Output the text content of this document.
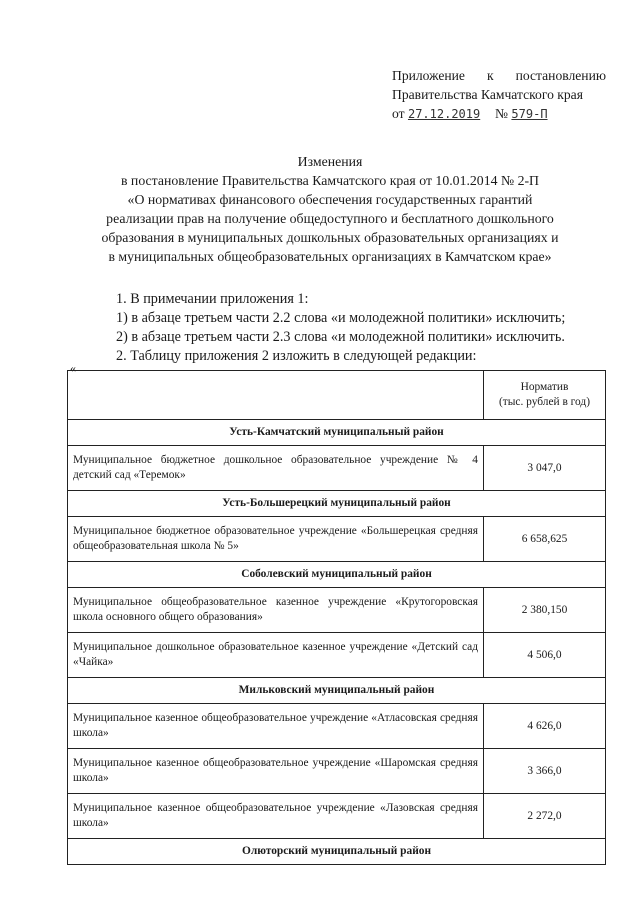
Приложение к постановлению
Правительства Камчатского края
от 27.12.2019 № 579-П
Изменения
в постановление Правительства Камчатского края от 10.01.2014 № 2-П
«О нормативах финансового обеспечения государственных гарантий
реализации прав на получение общедоступного и бесплатного дошкольного
образования в муниципальных дошкольных образовательных организациях и
в муниципальных общеобразовательных организациях в Камчатском крае»
1. В примечании приложения 1:
1) в абзаце третьем части 2.2 слова «и молодежной политики» исключить;
2) в абзаце третьем части 2.3 слова «и молодежной политики» исключить.
2. Таблицу приложения 2 изложить в следующей редакции:
«

	Норматив
(тыс. рублей в год)

Усть-Камчатский муниципальный район	
Муниципальное бюджетное дошкольное образовательное учреждение № 4 детский сад «Теремок»	3 047,0
Усть-Большерецкий муниципальный район	
Муниципальное бюджетное образовательное учреждение «Большерецкая средняя общеобразовательная школа № 5»	6 658,625
Соболевский муниципальный район	
Муниципальное общеобразовательное казенное учреждение «Крутогоровская школа основного общего образования»	2 380,150
Муниципальное дошкольное образовательное казенное учреждение «Детский сад «Чайка»	4 506,0
Мильковский муниципальный район	
Муниципальное казенное общеобразовательное учреждение «Атласовская средняя школа»	4 626,0
Муниципальное казенное общеобразовательное учреждение «Шаромская средняя школа»	3 366,0
Муниципальное казенное общеобразовательное учреждение «Лазовская средняя школа»	2 272,0
Олюторский муниципальный район	
